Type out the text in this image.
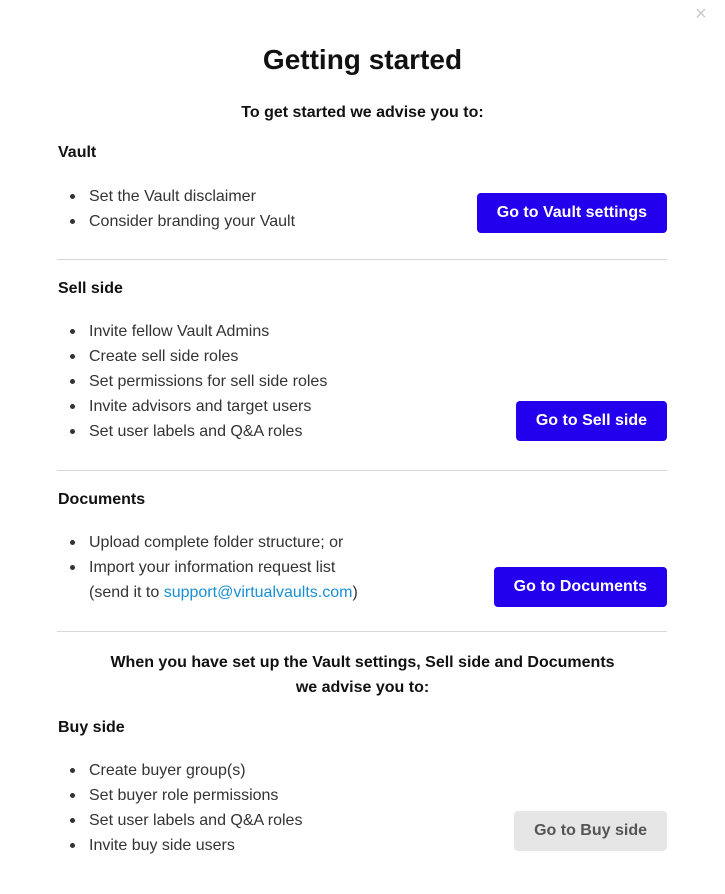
×
Getting started
To get started we advise you to:
Vault
Set the Vault disclaimer
Consider branding your Vault
Go to Vault settings
Sell side
Invite fellow Vault Admins
Create sell side roles
Set permissions for sell side roles
Invite advisors and target users
Set user labels and Q&A roles
Go to Sell side
Documents
Upload complete folder structure; or
Import your information request list
(send it to support@virtualvaults.com)	Go to Documents
When you have set up the Vault settings, Sell side and Documents
we advise you to:
Buy side
Create buyer group(s)
Set buyer role permissions
Set user labels and Q&A roles
Invite buy side users
Go to Buy side
